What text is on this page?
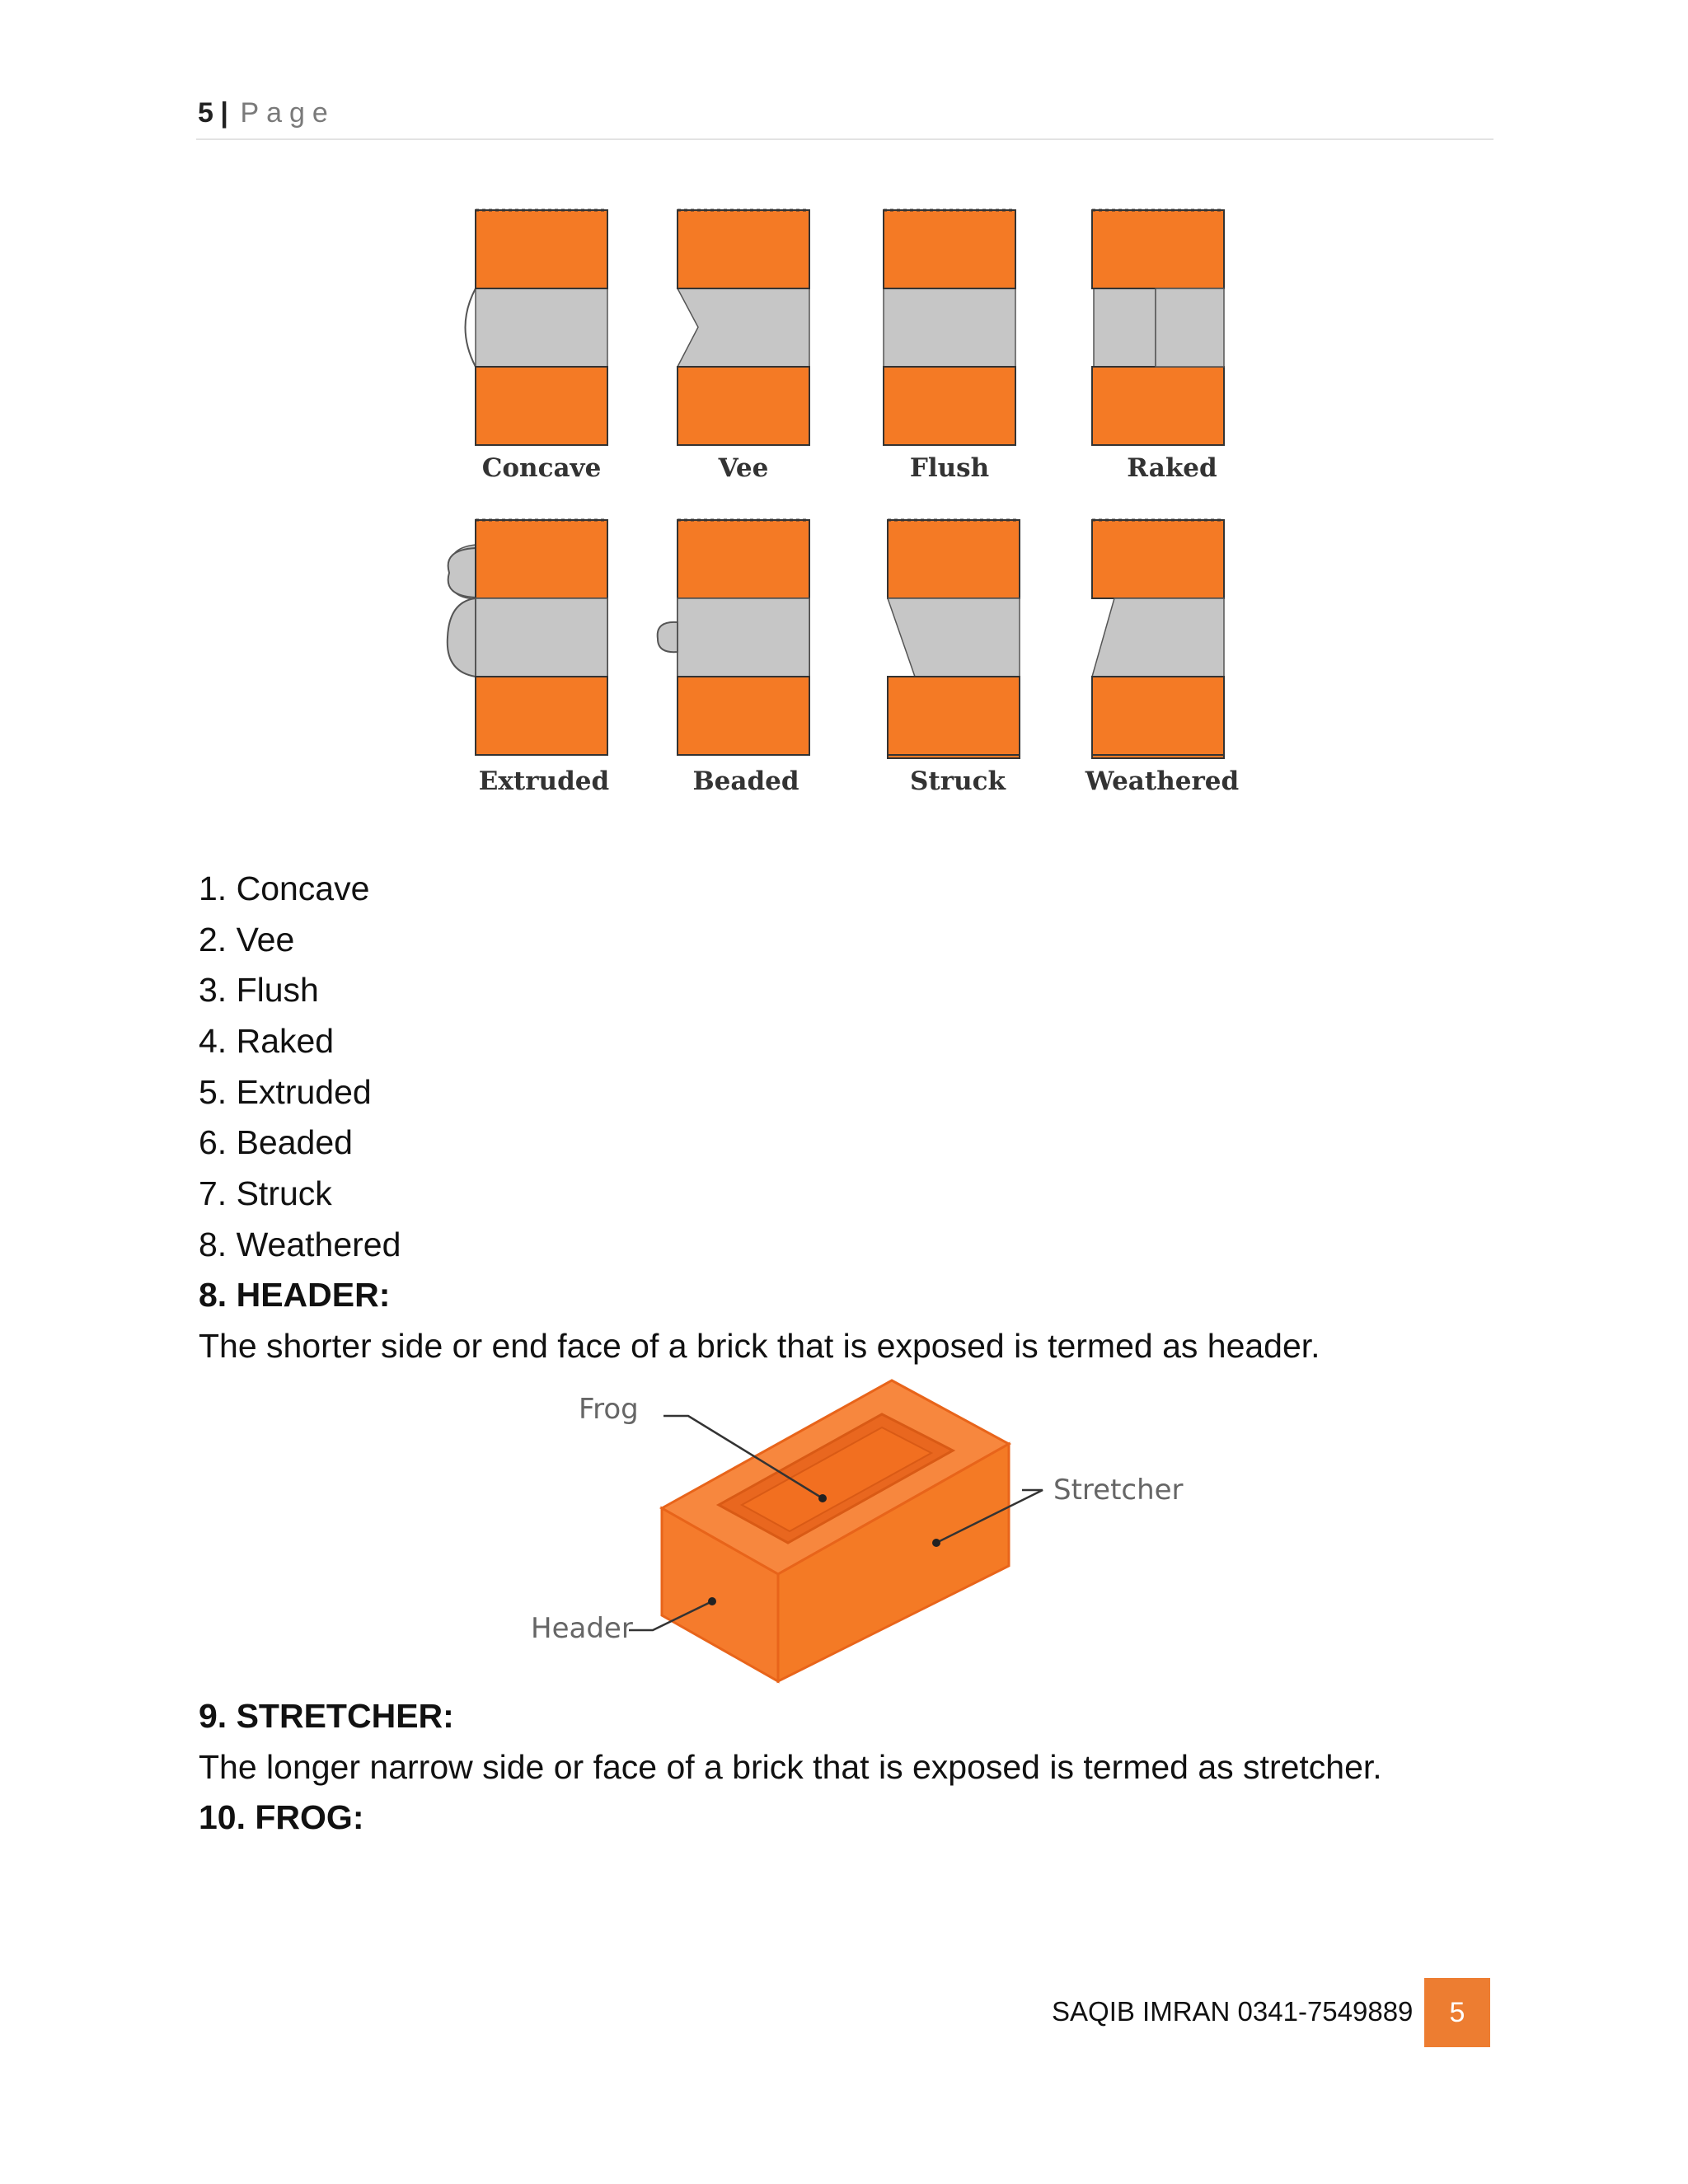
5 | Page
Concave	Vee	Flush	Raked
Extruded	Beaded	Struck	Weathered
1. Concave
2. Vee
3. Flush
4. Raked
5. Extruded
6. Beaded
7. Struck
8. Weathered
8. HEADER:
The shorter side or end face of a brick that is exposed is termed as header.
Frog
Stretcher
Header
9. STRETCHER:
The longer narrow side or face of a brick that is exposed is termed as stretcher.
10. FROG:
SAQIB IMRAN 0341-7549889	5
